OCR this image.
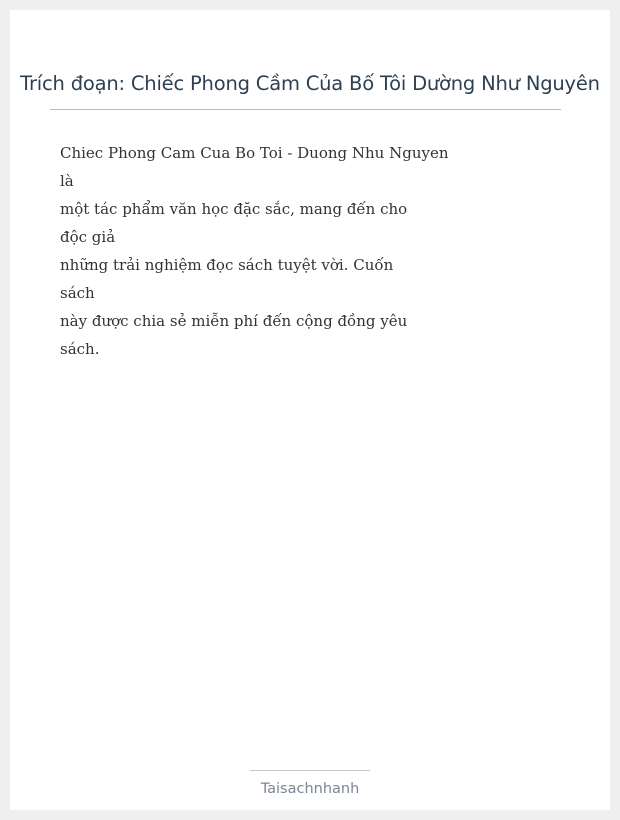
Trích đoạn: Chiếc Phong Cầm Của Bố Tôi Dường Như Nguyên
Chiec Phong Cam Cua Bo Toi - Duong Nhu Nguyen
là
một tác phẩm văn học đặc sắc, mang đến cho
độc giả
những trải nghiệm đọc sách tuyệt vời. Cuốn
sách
này được chia sẻ miễn phí đến cộng đồng yêu
sách.
Taisachnhanh
